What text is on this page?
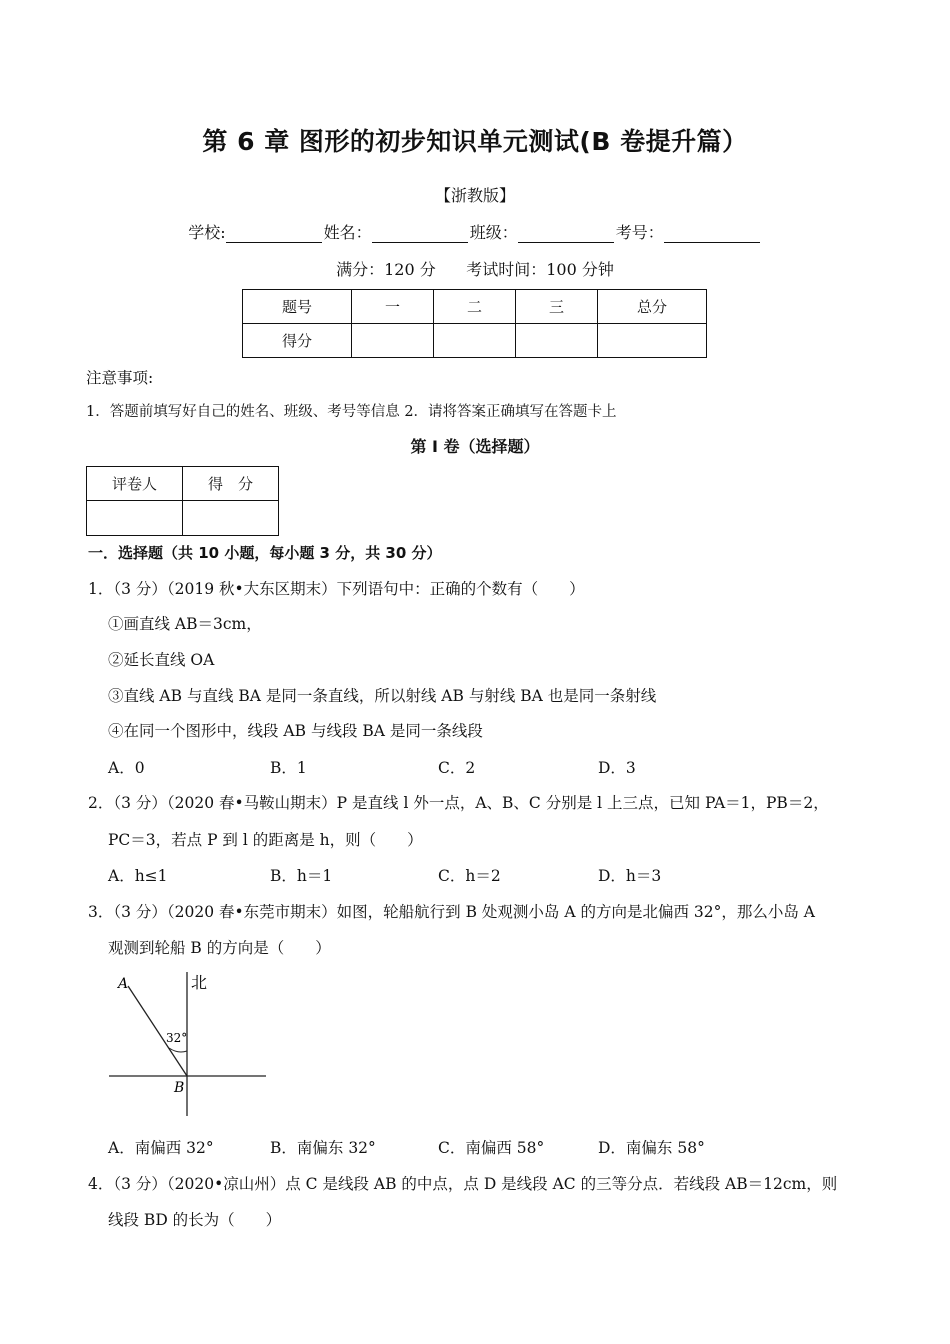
第 6 章 图形的初步知识单元测试(B 卷提升篇）
【浙教版】
学校:	姓名：	班级：	考号：
满分：120 分      考试时间：100 分钟
题号	一	二	三	总分
得分				
注意事项:
1．答题前填写好自己的姓名、班级、考号等信息 2．请将答案正确填写在答题卡上
第 I 卷（选择题）
评卷人	得　分

一．选择题（共 10 小题，每小题 3 分，共 30 分）
1．（3 分）（2019 秋•大东区期末）下列语句中：正确的个数有（　　）
①画直线 AB＝3cm，
②延长直线 OA
③直线 AB 与直线 BA 是同一条直线，所以射线 AB 与射线 BA 也是同一条射线
④在同一个图形中，线段 AB 与线段 BA 是同一条线段
A．0	B．1	C．2	D．3
2．（3 分）（2020 春•马鞍山期末）P 是直线 l 外一点，A、B、C 分别是 l 上三点，已知 PA＝1，PB＝2，
PC＝3，若点 P 到 l 的距离是 h，则（　　）
A．h≤1	B．h＝1	C．h＝2	D．h＝3
3．（3 分）（2020 春•东莞市期末）如图，轮船航行到 B 处观测小岛 A 的方向是北偏西 32°，那么小岛 A
观测到轮船 B 的方向是（　　）
A
B
北
32°
A．南偏西 32°	B．南偏东 32°	C．南偏西 58°	D．南偏东 58°
4．（3 分）（2020•凉山州）点 C 是线段 AB 的中点，点 D 是线段 AC 的三等分点．若线段 AB＝12cm，则
线段 BD 的长为（　　）
